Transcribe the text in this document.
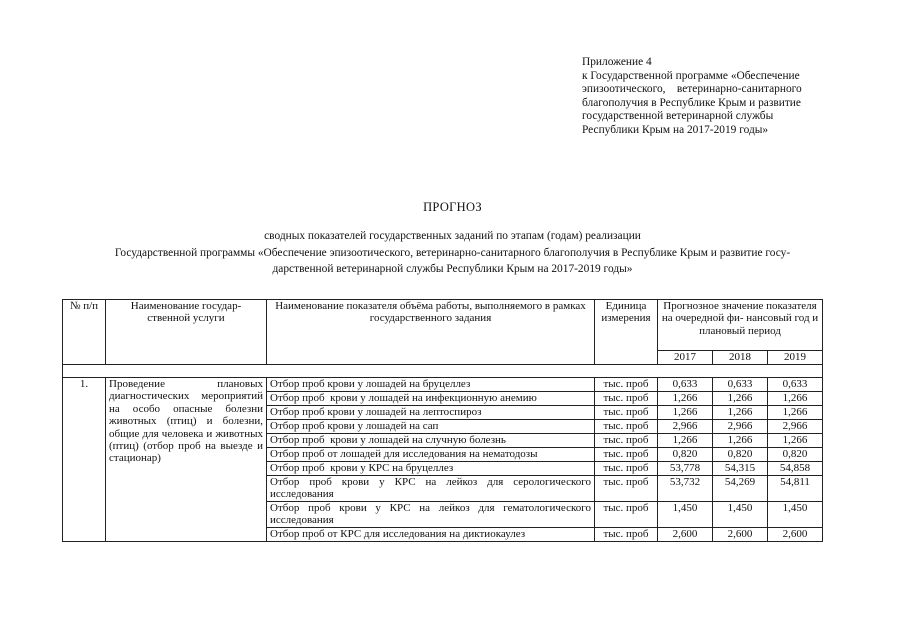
Приложение 4
к Государственной программе «Обеспечение
эпизоотического,    ветеринарно-санитарного
благополучия в Республике Крым и развитие
государственной ветеринарной службы
Республики Крым на 2017-2019 годы»
ПРОГНОЗ
сводных показателей государственных заданий по этапам (годам) реализации
Государственной программы «Обеспечение эпизоотического, ветеринарно-санитарного благополучия в Республике Крым и развитие госу-
дарственной ветеринарной службы Республики Крым на 2017-2019 годы»
№ п/п	Наименование государ- ственной услуги	Наименование показателя объёма работы, выполняемого в рамках государственного задания	Единица измерения	Прогнозное значение показателя на очередной фи- нансовый год и плановый период		
				2017	2018	2019

1.	Проведение плановых диагностических мероприятий на особо опасные болезни животных (птиц) и болезни, общие для человека и животных (птиц) (отбор проб на выезде и стационар)	Отбор проб крови у лошадей на бруцеллез	тыс. проб	0,633	0,633	0,633
		Отбор проб  крови у лошадей на инфекционную анемию	тыс. проб	1,266	1,266	1,266
		Отбор проб крови у лошадей на лептоспироз	тыс. проб	1,266	1,266	1,266
		Отбор проб крови у лошадей на сап	тыс. проб	2,966	2,966	2,966
		Отбор проб  крови у лошадей на случную болезнь	тыс. проб	1,266	1,266	1,266
		Отбор проб от лошадей для исследования на нематодозы	тыс. проб	0,820	0,820	0,820
		Отбор проб  крови у КРС на бруцеллез	тыс. проб	53,778	54,315	54,858
		Отбор проб крови у КРС на лейкоз для серологического исследования	тыс. проб	53,732	54,269	54,811
		Отбор проб крови у КРС на лейкоз для гематологического исследования	тыс. проб	1,450	1,450	1,450
		Отбор проб от КРС для исследования на диктиокаулез	тыс. проб	2,600	2,600	2,600
